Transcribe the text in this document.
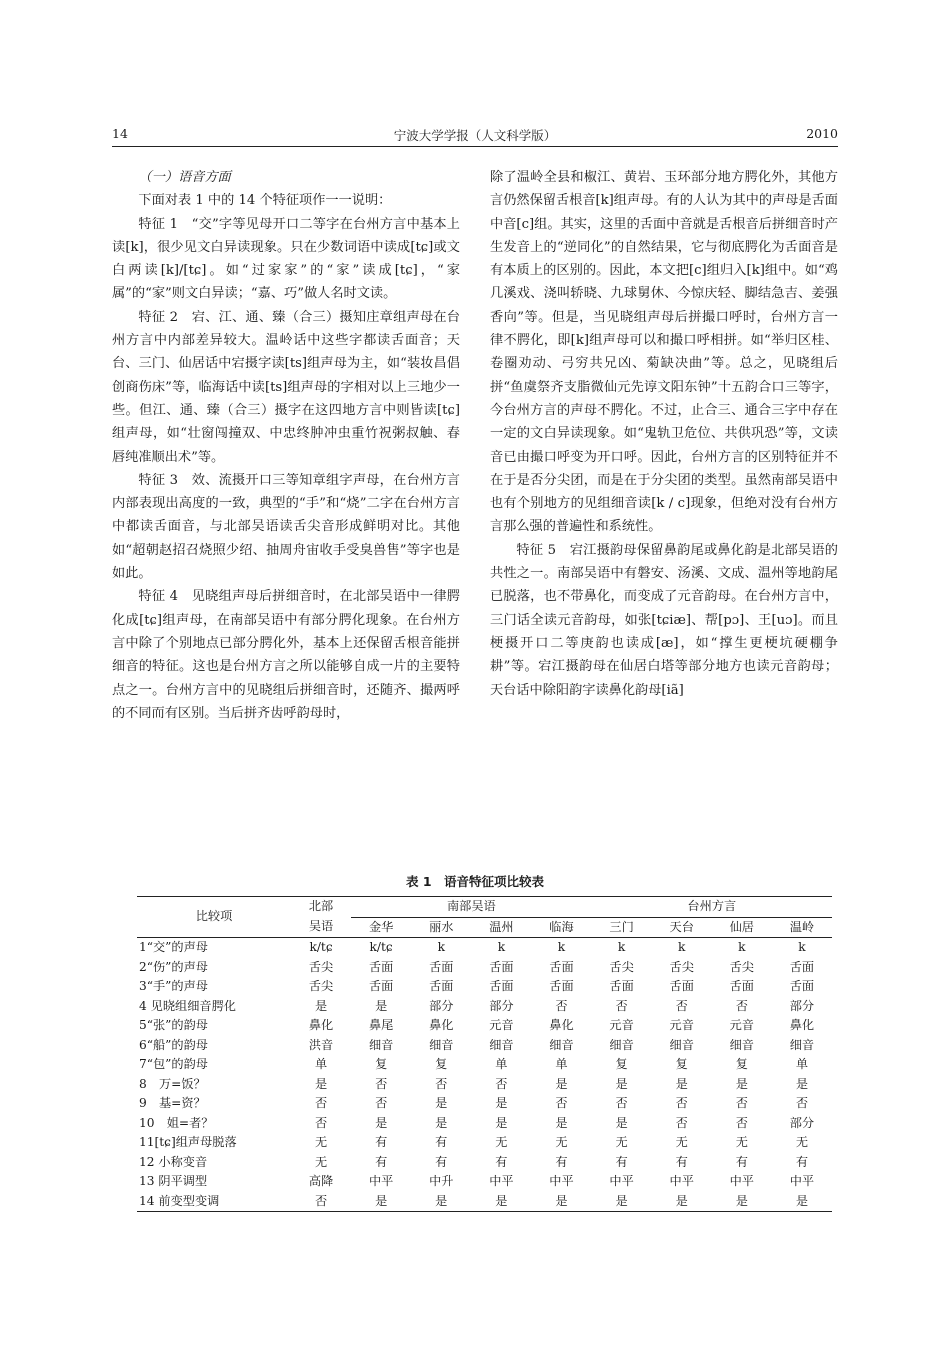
14	宁波大学学报（人文科学版）	2010

（一）语音方面

下面对表 1 中的 14 个特征项作一一说明：

特征 1　“交”字等见母开口二等字在台州方言中基本上读[k]，很少见文白异读现象。只在少数词语中读成[tɕ]或文白两读[k]/[tɕ]。如“过家家”的“家”读成[tɕ]，“家属”的“家”则文白异读；“嘉、巧”做人名时文读。

特征 2　宕、江、通、臻（合三）摄知庄章组声母在台州方言中内部差异较大。温岭话中这些字都读舌面音；天台、三门、仙居话中宕摄字读[ts]组声母为主，如“装妆昌倡创商伤床”等，临海话中读[ts]组声母的字相对以上三地少一些。但江、通、臻（合三）摄字在这四地方言中则皆读[tɕ]组声母，如“壮窗闯撞双、中忠终肿冲虫重竹祝粥叔触、春唇纯准顺出术”等。

特征 3　效、流摄开口三等知章组字声母，在台州方言内部表现出高度的一致，典型的“手”和“烧”二字在台州方言中都读舌面音，与北部吴语读舌尖音形成鲜明对比。其他如“超朝赵招召烧照少绍、抽周舟宙收手受臭兽售”等字也是如此。

特征 4　见晓组声母后拼细音时，在北部吴语中一律腭化成[tɕ]组声母，在南部吴语中有部分腭化现象。在台州方言中除了个别地点已部分腭化外，基本上还保留舌根音能拼细音的特征。这也是台州方言之所以能够自成一片的主要特点之一。台州方言中的见晓组后拼细音时，还随齐、撮两呼的不同而有区别。当后拼齐齿呼韵母时，

除了温岭全县和椒江、黄岩、玉环部分地方腭化外，其他方言仍然保留舌根音[k]组声母。有的人认为其中的声母是舌面中音[c]组。其实，这里的舌面中音就是舌根音后拼细音时产生发音上的“逆同化”的自然结果，它与彻底腭化为舌面音是有本质上的区别的。因此，本文把[c]组归入[k]组中。如“鸡几溪戏、浇叫轿晓、九球舅休、今惊庆轻、脚结急吉、姜强香向”等。但是，当见晓组声母后拼撮口呼时，台州方言一律不腭化，即[k]组声母可以和撮口呼相拼。如“举归区桂、卷圈劝动、弓穷共兄凶、菊缺决曲”等。总之，见晓组后拼“鱼虞祭齐支脂微仙元先谆文阳东钟”十五韵合口三等字，今台州方言的声母不腭化。不过，止合三、通合三字中存在一定的文白异读现象。如“鬼轨卫危位、共供巩恐”等，文读音已由撮口呼变为开口呼。因此，台州方言的区别特征并不在于是否分尖团，而是在于分尖团的类型。虽然南部吴语中也有个别地方的见组细音读[k / c]现象，但绝对没有台州方言那么强的普遍性和系统性。

特征 5　宕江摄韵母保留鼻韵尾或鼻化韵是北部吴语的共性之一。南部吴语中有磐安、汤溪、文成、温州等地韵尾已脱落，也不带鼻化，而变成了元音韵母。在台州方言中，三门话全读元音韵母，如张[tɕiæ]、帮[pɔ]、王[uɔ]。而且梗摄开口二等庚韵也读成[æ]，如“撑生更梗坑硬棚争耕”等。宕江摄韵母在仙居白塔等部分地方也读元音韵母；天台话中除阳韵字读鼻化韵母[iã]

表 1　语音特征项比较表
比较项	北部	南部吴语				台州方言			
	吴语	金华	丽水	温州	临海	三门	天台	仙居	温岭
1“交”的声母	k/tɕ	k/tɕ	k	k	k	k	k	k	k
2“伤”的声母	舌尖	舌面	舌面	舌面	舌面	舌尖	舌尖	舌尖	舌面
3“手”的声母	舌尖	舌面	舌面	舌面	舌面	舌面	舌面	舌面	舌面
4 见晓组细音腭化	是	是	部分	部分	否	否	否	否	部分
5“张”的韵母	鼻化	鼻尾	鼻化	元音	鼻化	元音	元音	元音	鼻化
6“船”的韵母	洪音	细音	细音	细音	细音	细音	细音	细音	细音
7“包”的韵母	单	复	复	单	单	复	复	复	单
8　万=饭？	是	否	否	否	是	是	是	是	是
9　基=资？	否	否	是	是	否	否	否	否	否
10　姐=者？	否	是	是	是	是	是	否	否	部分
11[tɕ]组声母脱落	无	有	有	无	无	无	无	无	无
12 小称变音	无	有	有	有	有	有	有	有	有
13 阴平调型	高降	中平	中升	中平	中平	中平	中平	中平	中平
14 前变型变调	否	是	是	是	是	是	是	是	是
